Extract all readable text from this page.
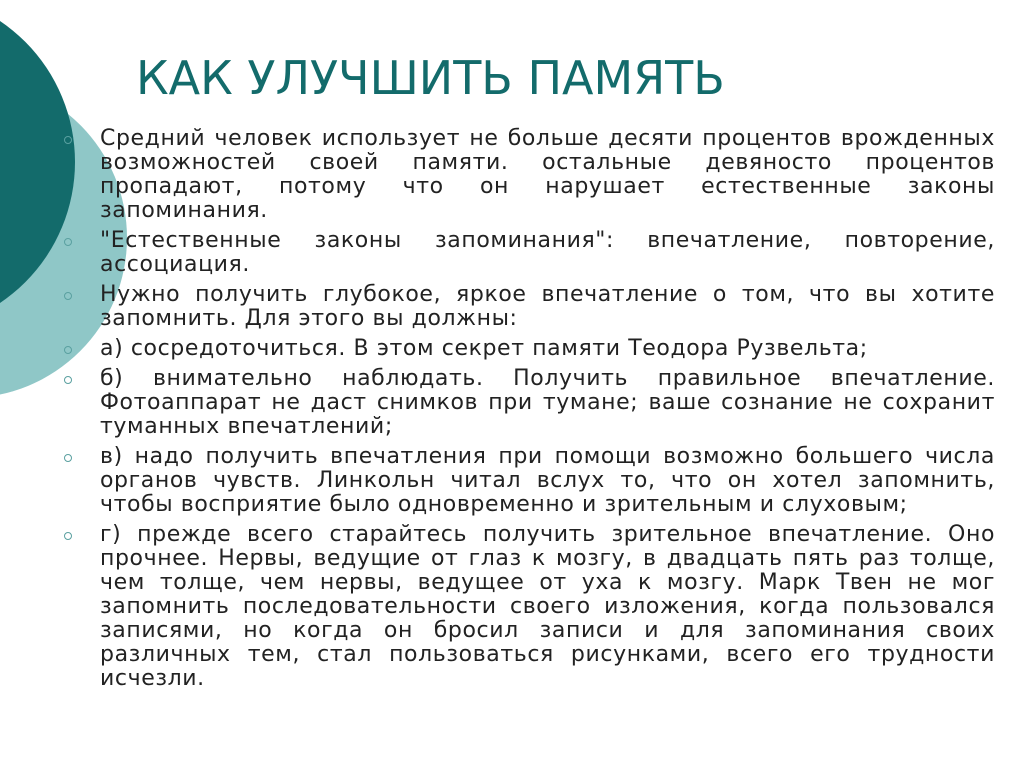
КАК УЛУЧШИТЬ ПАМЯТЬ
Средний человек использует не больше десяти процентов врожденных возможностей своей памяти. остальные девяносто процентов пропадают, потому что он нарушает естественные законы запоминания.
"Естественные законы запоминания": впечатление, повторение, ассоциация.
Нужно получить глубокое, яркое впечатление о том, что вы хотите запомнить. Для этого вы должны:
а) сосредоточиться. В этом секрет памяти Теодора Рузвельта;
б) внимательно наблюдать. Получить правильное впечатление. Фотоаппарат не даст снимков при тумане; ваше сознание не сохранит туманных впечатлений;
в) надо получить впечатления при помощи возможно большего числа органов чувств. Линкольн читал вслух то, что он хотел запомнить, чтобы восприятие было одновременно и зрительным и слуховым;
г) прежде всего старайтесь получить зрительное впечатление. Оно прочнее. Нервы, ведущие от глаз к мозгу, в двадцать пять раз толще, чем толще, чем нервы, ведущее от уха к мозгу. Марк Твен не мог запомнить последовательности своего изложения, когда пользовался записями, но когда он бросил записи и для запоминания своих различных тем, стал пользоваться рисунками, всего его трудности исчезли.
